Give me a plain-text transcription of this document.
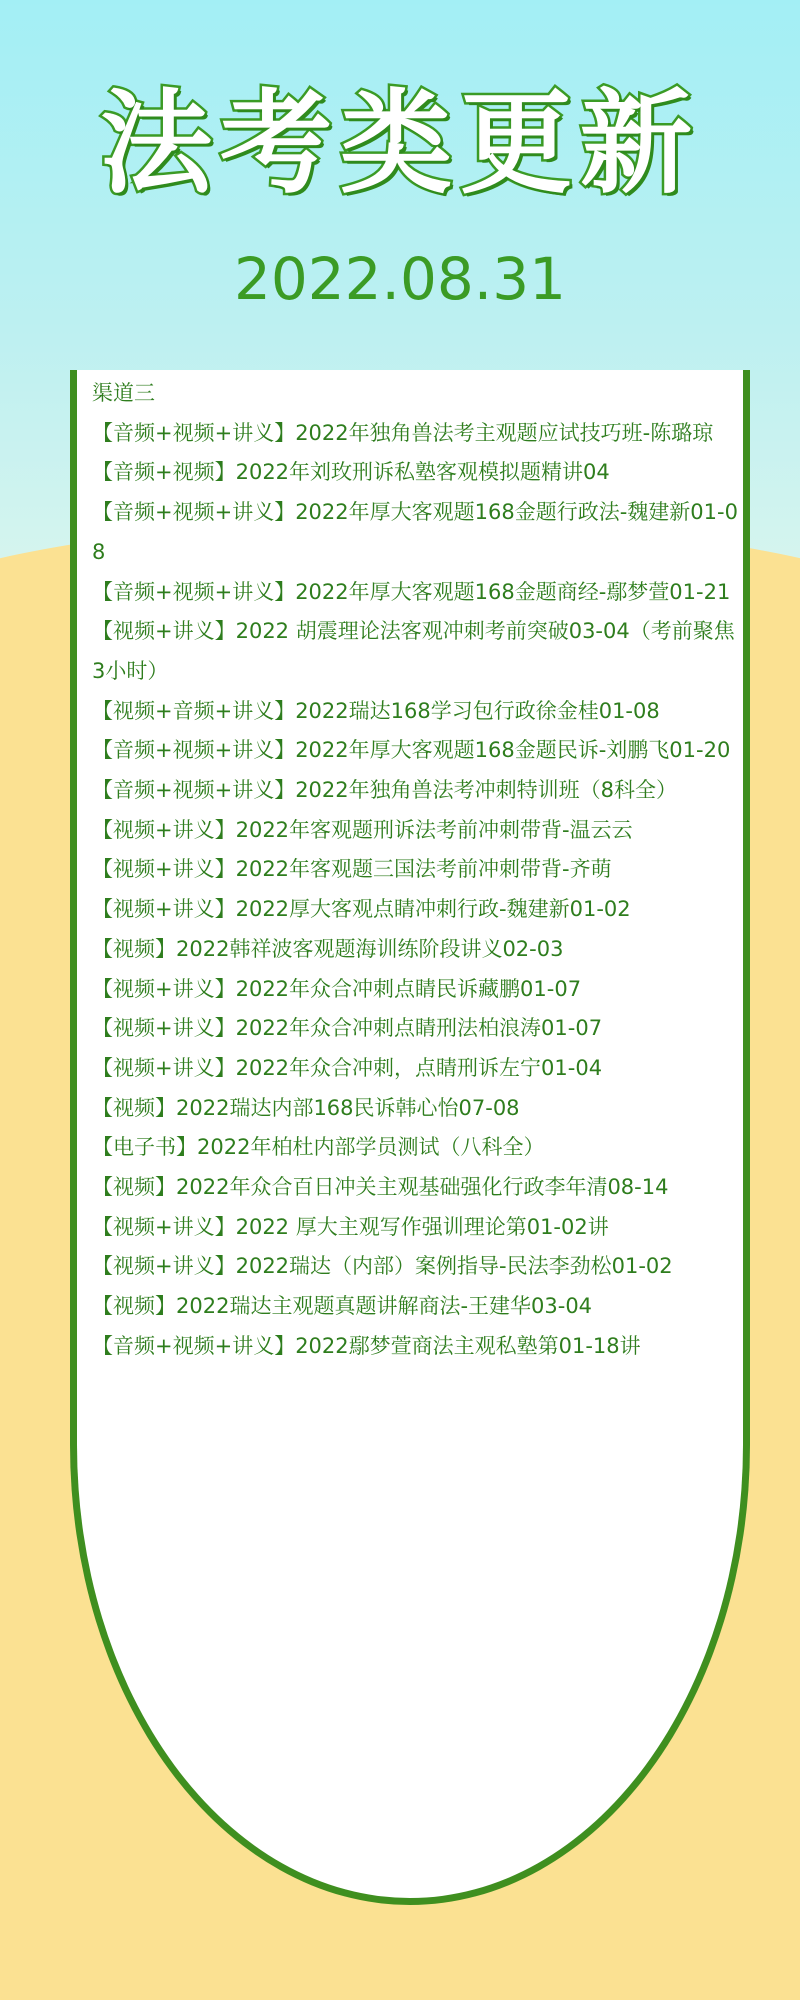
法考类更新
2022.08.31
渠道三
【音频+视频+讲义】2022年独角兽法考主观题应试技巧班-陈璐琼
【音频+视频】2022年刘玫刑诉私塾客观模拟题精讲04
【音频+视频+讲义】2022年厚大客观题168金题行政法-魏建新01-08
【音频+视频+讲义】2022年厚大客观题168金题商经-鄢梦萱01-21
【视频+讲义】2022 胡震理论法客观冲刺考前突破03-04（考前聚焦3小时）
【视频+音频+讲义】2022瑞达168学习包行政徐金桂01-08
【音频+视频+讲义】2022年厚大客观题168金题民诉-刘鹏飞01-20
【音频+视频+讲义】2022年独角兽法考冲刺特训班（8科全）
【视频+讲义】2022年客观题刑诉法考前冲刺带背-温云云
【视频+讲义】2022年客观题三国法考前冲刺带背-齐萌
【视频+讲义】2022厚大客观点睛冲刺行政-魏建新01-02
【视频】2022韩祥波客观题海训练阶段讲义02-03
【视频+讲义】2022年众合冲刺点睛民诉藏鹏01-07
【视频+讲义】2022年众合冲刺点睛刑法柏浪涛01-07
【视频+讲义】2022年众合冲刺，点睛刑诉左宁01-04
【视频】2022瑞达内部168民诉韩心怡07-08
【电子书】2022年柏杜内部学员测试（八科全）
【视频】2022年众合百日冲关主观基础强化行政李年清08-14
【视频+讲义】2022 厚大主观写作强训理论第01-02讲
【视频+讲义】2022瑞达（内部）案例指导-民法李劲松01-02
【视频】2022瑞达主观题真题讲解商法-王建华03-04
【音频+视频+讲义】2022鄢梦萱商法主观私塾第01-18讲
